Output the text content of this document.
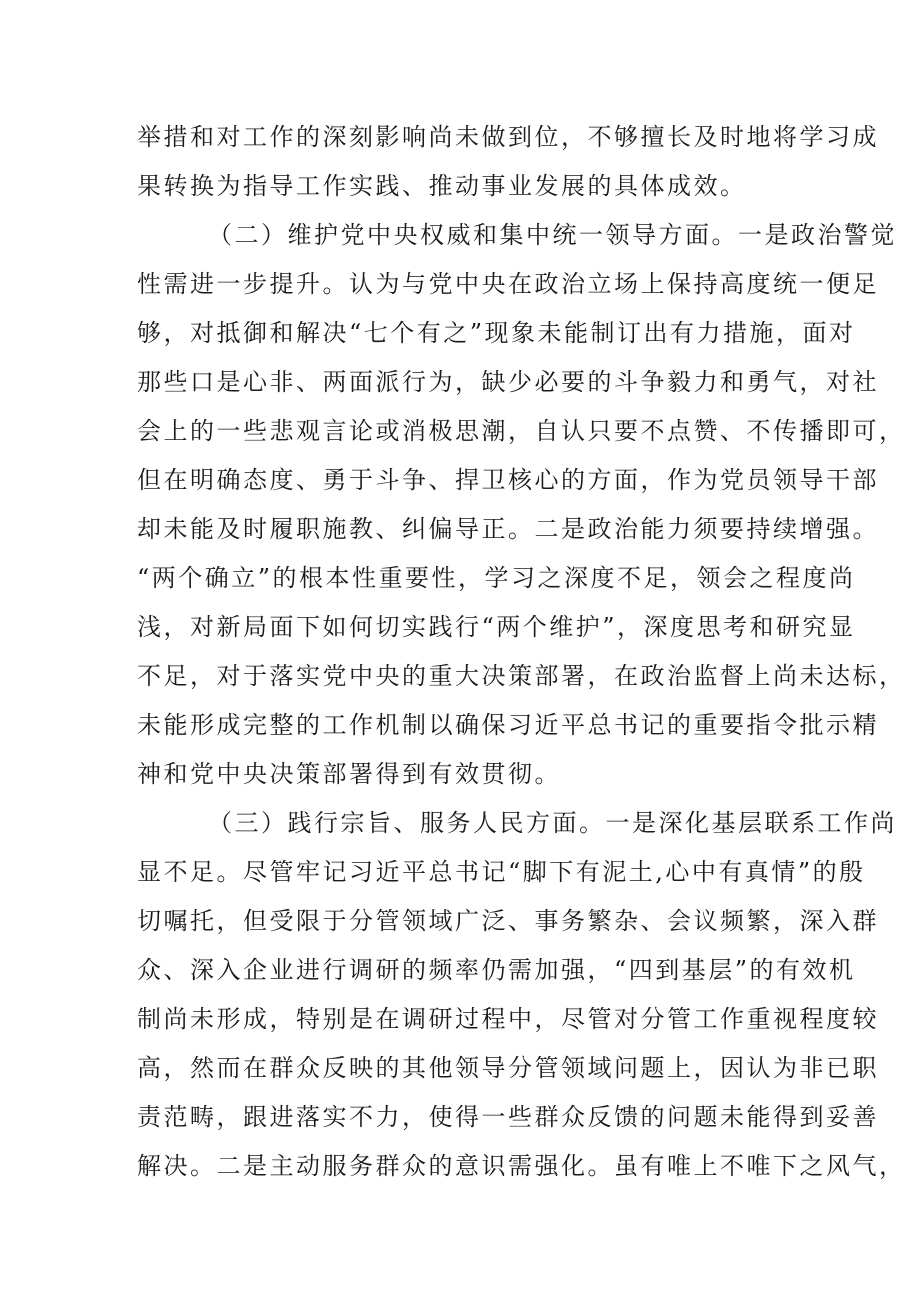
举措和对工作的深刻影响尚未做到位，不够擅长及时地将学习成
果转换为指导工作实践、推动事业发展的具体成效。
（二）维护党中央权威和集中统一领导方面。一是政治警觉
性需进一步提升。认为与党中央在政治立场上保持高度统一便足
够，对抵御和解决“七个有之”现象未能制订出有力措施，面对
那些口是心非、两面派行为，缺少必要的斗争毅力和勇气，对社
会上的一些悲观言论或消极思潮，自认只要不点赞、不传播即可，
但在明确态度、勇于斗争、捍卫核心的方面，作为党员领导干部
却未能及时履职施教、纠偏导正。二是政治能力须要持续增强。
“两个确立”的根本性重要性，学习之深度不足，领会之程度尚
浅，对新局面下如何切实践行“两个维护”，深度思考和研究显
不足，对于落实党中央的重大决策部署，在政治监督上尚未达标，
未能形成完整的工作机制以确保习近平总书记的重要指令批示精
神和党中央决策部署得到有效贯彻。
（三）践行宗旨、服务人民方面。一是深化基层联系工作尚
显不足。尽管牢记习近平总书记“脚下有泥土,心中有真情”的殷
切嘱托，但受限于分管领域广泛、事务繁杂、会议频繁，深入群
众、深入企业进行调研的频率仍需加强，“四到基层”的有效机
制尚未形成，特别是在调研过程中，尽管对分管工作重视程度较
高，然而在群众反映的其他领导分管领域问题上，因认为非已职
责范畴，跟进落实不力，使得一些群众反馈的问题未能得到妥善
解决。二是主动服务群众的意识需强化。虽有唯上不唯下之风气，
